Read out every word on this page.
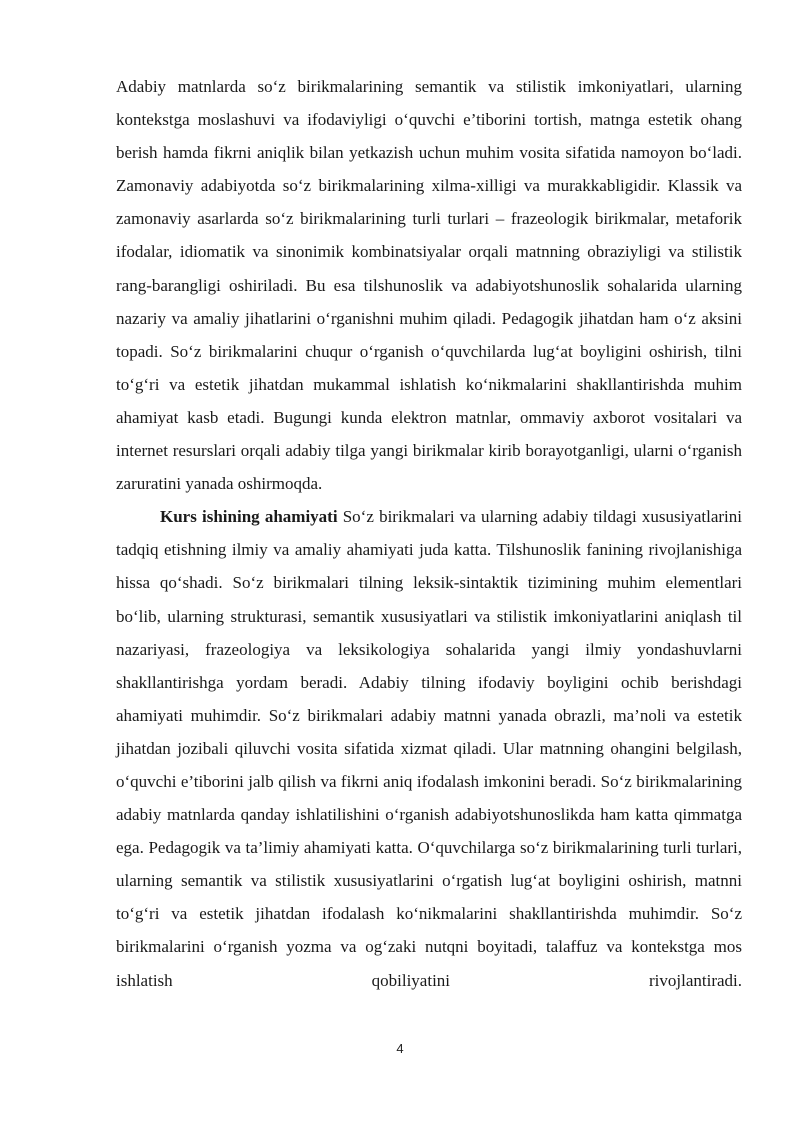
Adabiy matnlarda so‘z birikmalarining semantik va stilistik imkoniyatlari, ularning kontekstga moslashuvi va ifodaviyligi o‘quvchi e’tiborini tortish, matnga estetik ohang berish hamda fikrni aniqlik bilan yetkazish uchun muhim vosita sifatida namoyon bo‘ladi. Zamonaviy adabiyotda so‘z birikmalarining xilma-xilligi va murakkabligidir. Klassik va zamonaviy asarlarda so‘z birikmalarining turli turlari – frazeologik birikmalar, metaforik ifodalar, idiomatik va sinonimik kombinatsiyalar orqali matnning obraziyligi va stilistik rang-barangligi oshiriladi. Bu esa tilshunoslik va adabiyotshunoslik sohalarida ularning nazariy va amaliy jihatlarini o‘rganishni muhim qiladi. Pedagogik jihatdan ham o‘z aksini topadi. So‘z birikmalarini chuqur o‘rganish o‘quvchilarda lug‘at boyligini oshirish, tilni to‘g‘ri va estetik jihatdan mukammal ishlatish ko‘nikmalarini shakllantirishda muhim ahamiyat kasb etadi. Bugungi kunda elektron matnlar, ommaviy axborot vositalari va internet resurslari orqali adabiy tilga yangi birikmalar kirib borayotganligi, ularni o‘rganish zaruratini yanada oshirmoqda.

Kurs ishining ahamiyati So‘z birikmalari va ularning adabiy tildagi xususiyatlarini tadqiq etishning ilmiy va amaliy ahamiyati juda katta. Tilshunoslik fanining rivojlanishiga hissa qo‘shadi. So‘z birikmalari tilning leksik-sintaktik tizimining muhim elementlari bo‘lib, ularning strukturasi, semantik xususiyatlari va stilistik imkoniyatlarini aniqlash til nazariyasi, frazeologiya va leksikologiya sohalarida yangi ilmiy yondashuvlarni shakllantirishga yordam beradi. Adabiy tilning ifodaviy boyligini ochib berishdagi ahamiyati muhimdir. So‘z birikmalari adabiy matnni yanada obrazli, ma’noli va estetik jihatdan jozibali qiluvchi vosita sifatida xizmat qiladi. Ular matnning ohangini belgilash, o‘quvchi e’tiborini jalb qilish va fikrni aniq ifodalash imkonini beradi. So‘z birikmalarining adabiy matnlarda qanday ishlatilishini o‘rganish adabiyotshunoslikda ham katta qimmatga ega. Pedagogik va ta’limiy ahamiyati katta. O‘quvchilarga so‘z birikmalarining turli turlari, ularning semantik va stilistik xususiyatlarini o‘rgatish lug‘at boyligini oshirish, matnni to‘g‘ri va estetik jihatdan ifodalash ko‘nikmalarini shakllantirishda muhimdir. So‘z birikmalarini o‘rganish yozma va og‘zaki nutqni boyitadi, talaffuz va kontekstga mos ishlatish qobiliyatini rivojlantiradi.

4
